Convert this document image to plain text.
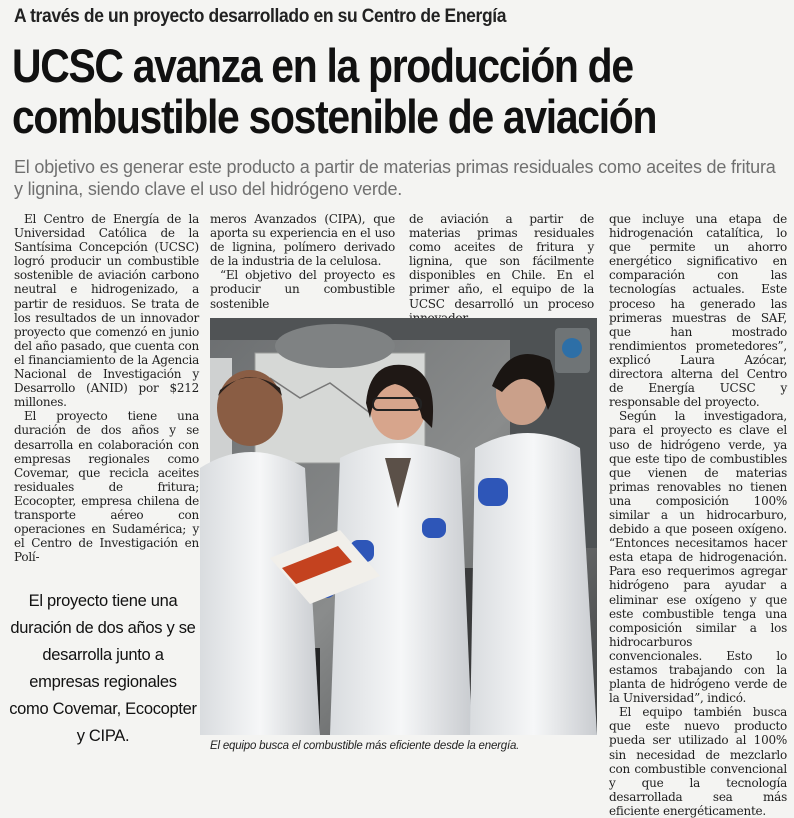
A través de un proyecto desarrollado en su Centro de Energía
UCSC avanza en la producción de
combustible sostenible de aviación
El objetivo es generar este producto a partir de materias primas residuales como aceites de fritura y lignina, siendo clave el uso del hidrógeno verde.

El Centro de Energía de la Universidad Católica de la Santísima Concepción (UCSC) logró producir un combustible sostenible de aviación carbono neutral e hidrogenizado, a partir de residuos. Se trata de los resultados de un innovador proyecto que comenzó en junio del año pasado, que cuenta con el financiamiento de la Agencia Nacional de Investigación y Desarrollo (ANID) por $212 millones.

El proyecto tiene una duración de dos años y se desarrolla en colaboración con empresas regionales como Covemar, que recicla aceites residuales de fritura; Ecocopter, empresa chilena de transporte aéreo con operaciones en Sudamérica; y el Centro de Investigación en Polí-

meros Avanzados (CIPA), que aporta su experiencia en el uso de lignina, polímero derivado de la industria de la celulosa.

“El objetivo del proyecto es producir un combustible sostenible

de aviación a partir de materias primas residuales como aceites de fritura y lignina, que son fácilmente disponibles en Chile. En el primer año, el equipo de la UCSC desarrolló un proceso

que incluye una etapa de hidrogenación catalítica, lo que permite un ahorro energético significativo en comparación con las tecnologías actuales. Este proceso ha generado las primeras muestras de SAF, que han mostrado rendimientos prometedores”, explicó Laura Azócar, directora alterna del Centro de Energía UCSC y responsable del proyecto.

Según la investigadora, para el proyecto es clave el uso de hidrógeno verde, ya que este tipo de combustibles que vienen de materias primas renovables no tienen una composición 100% similar a un hidrocarburo, debido a que poseen oxígeno. “Entonces necesitamos hacer esta etapa de hidrogenación. Para eso requerimos agregar hidrógeno para ayudar a eliminar ese oxígeno y que este combustible tenga una composición similar a los hidrocarburos convencionales. Esto lo estamos trabajando con la planta de hidrógeno verde de la Universidad”, indicó.

El equipo también busca que este nuevo producto pueda ser utilizado al 100% sin necesidad de mezclarlo con combustible convencional y que la tecnología desarrollada sea más eficiente energéticamente.

El proyecto tiene una duración de dos años y se desarrolla junto a empresas regionales como Covemar, Ecocopter y CIPA.
El equipo busca el combustible más eficiente desde la energía.
